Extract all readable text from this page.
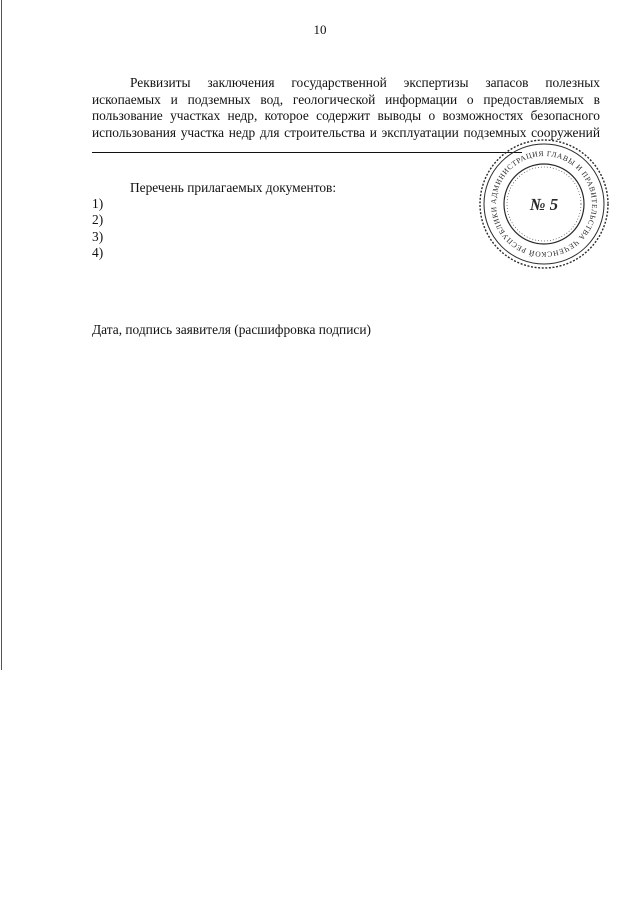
10
Реквизиты заключения государственной экспертизы запасов полезных ископаемых и подземных вод, геологической информации о предоставляемых в пользование участках недр, которое содержит выводы о возможностях безопасного использования участка недр для строительства и эксплуатации подземных сооружений
Перечень прилагаемых документов:
1)
2)
3)
4)
Дата, подпись заявителя (расшифровка подписи)
АДМИНИСТРАЦИЯ ГЛАВЫ И ПРАВИТЕЛЬСТВА ЧЕЧЕНСКОЙ РЕСПУБЛИКИ	№ 5
